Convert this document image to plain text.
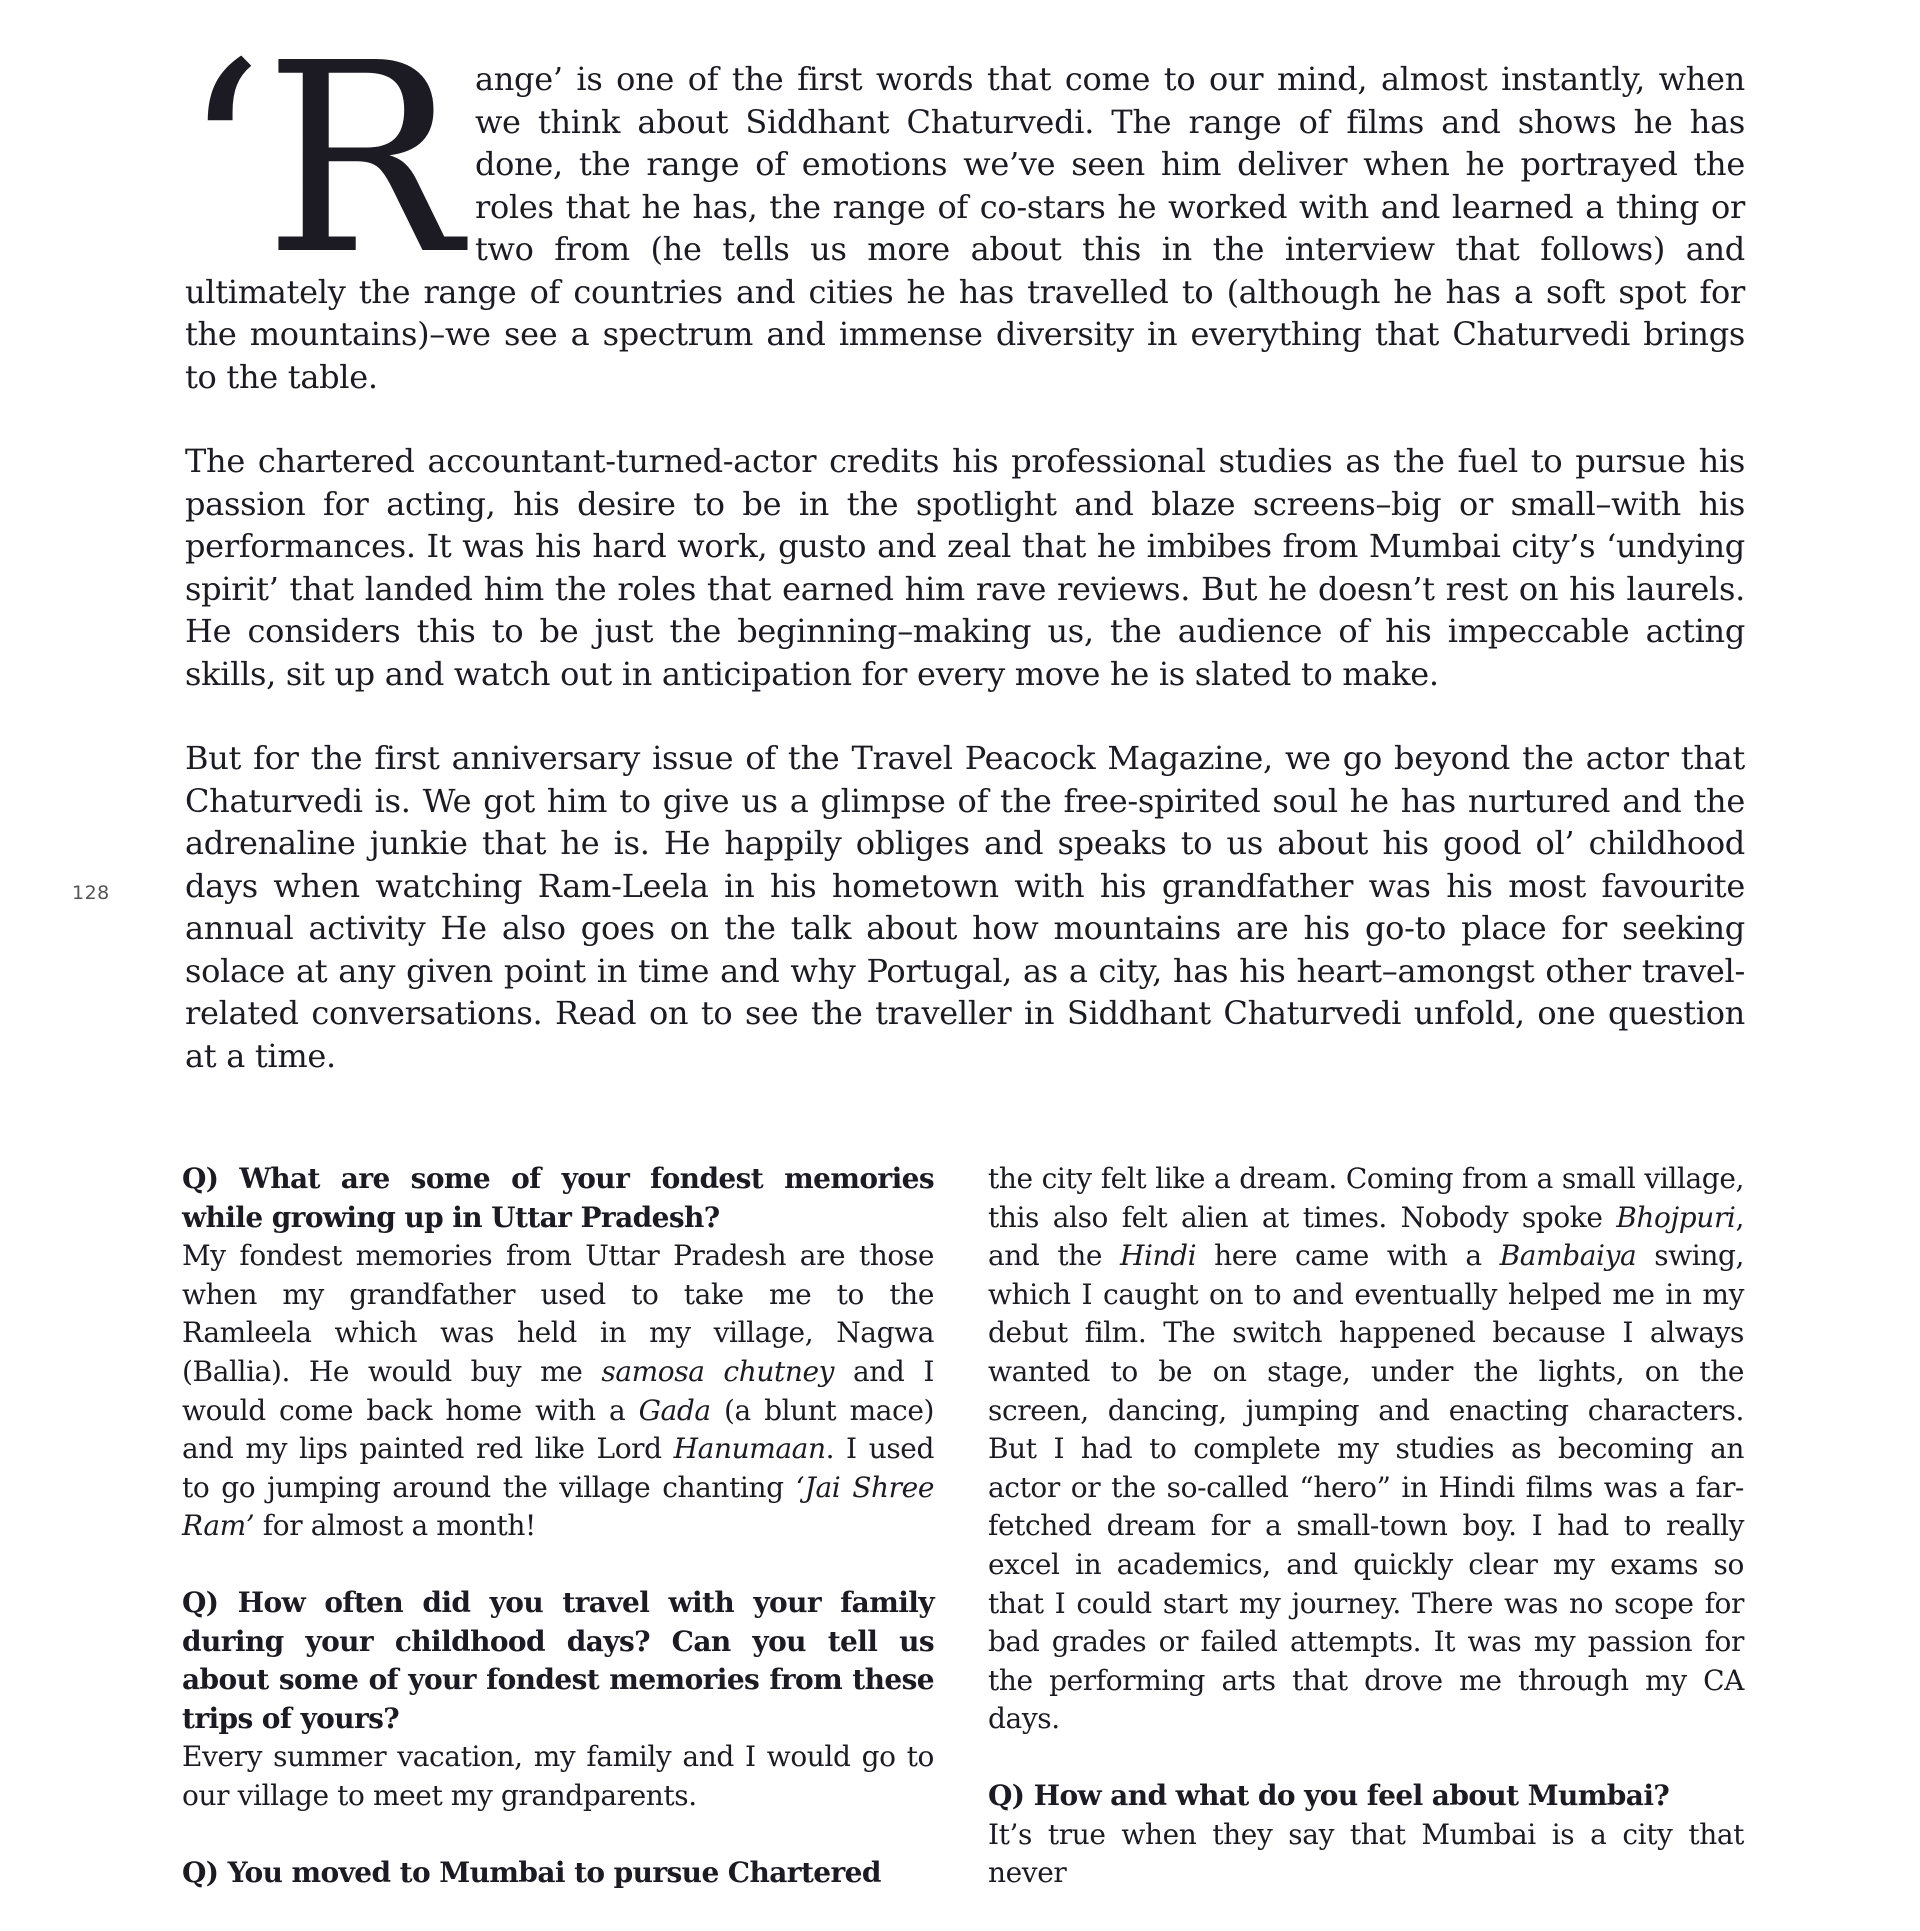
128

‘Range’ is one of the first words that come to our mind, almost instantly, when we think about Siddhant Chaturvedi. The range of films and shows he has done, the range of emotions we’ve seen him deliver when he portrayed the roles that he has, the range of co-stars he worked with and learned a thing or two from (he tells us more about this in the interview that follows) and ultimately the range of countries and cities he has travelled to (although he has a soft spot for the mountains)–we see a spectrum and immense diversity in everything that Chaturvedi brings to the table.

The chartered accountant-turned-actor credits his professional studies as the fuel to pursue his passion for acting, his desire to be in the spotlight and blaze screens–big or small–with his performances. It was his hard work, gusto and zeal that he imbibes from Mumbai city’s ‘undying spirit’ that landed him the roles that earned him rave reviews. But he doesn’t rest on his laurels. He considers this to be just the beginning–making us, the audience of his impeccable acting skills, sit up and watch out in anticipation for every move he is slated to make.

But for the first anniversary issue of the Travel Peacock Magazine, we go beyond the actor that Chaturvedi is. We got him to give us a glimpse of the free-spirited soul he has nurtured and the adrenaline junkie that he is. He happily obliges and speaks to us about his good ol’ childhood days when watching Ram-Leela in his hometown with his grandfather was his most favourite annual activity He also goes on the talk about how mountains are his go-to place for seeking solace at any given point in time and why Portugal, as a city, has his heart–amongst other travel-related conversations. Read on to see the traveller in Siddhant Chaturvedi unfold, one question at a time.

Q) What are some of your fondest memories while growing up in Uttar Pradesh?

My fondest memories from Uttar Pradesh are those when my grandfather used to take me to the Ramleela which was held in my village, Nagwa (Ballia). He would buy me samosa chutney and I would come back home with a Gada (a blunt mace) and my lips painted red like Lord Hanumaan. I used to go jumping around the village chanting ‘Jai Shree Ram’ for almost a month!

Q) How often did you travel with your family during your childhood days? Can you tell us about some of your fondest memories from these trips of yours?

Every summer vacation, my family and I would go to our village to meet my grandparents.

Q) You moved to Mumbai to pursue Chartered

the city felt like a dream. Coming from a small village, this also felt alien at times. Nobody spoke Bhojpuri, and the Hindi here came with a Bambaiya swing, which I caught on to and eventually helped me in my debut film. The switch happened because I always wanted to be on stage, under the lights, on the screen, dancing, jumping and enacting characters. But I had to complete my studies as becoming an actor or the so-called “hero” in Hindi films was a far-fetched dream for a small-town boy. I had to really excel in academics, and quickly clear my exams so that I could start my journey. There was no scope for bad grades or failed attempts. It was my passion for the performing arts that drove me through my CA days.

Q) How and what do you feel about Mumbai?

It’s true when they say that Mumbai is a city that never
